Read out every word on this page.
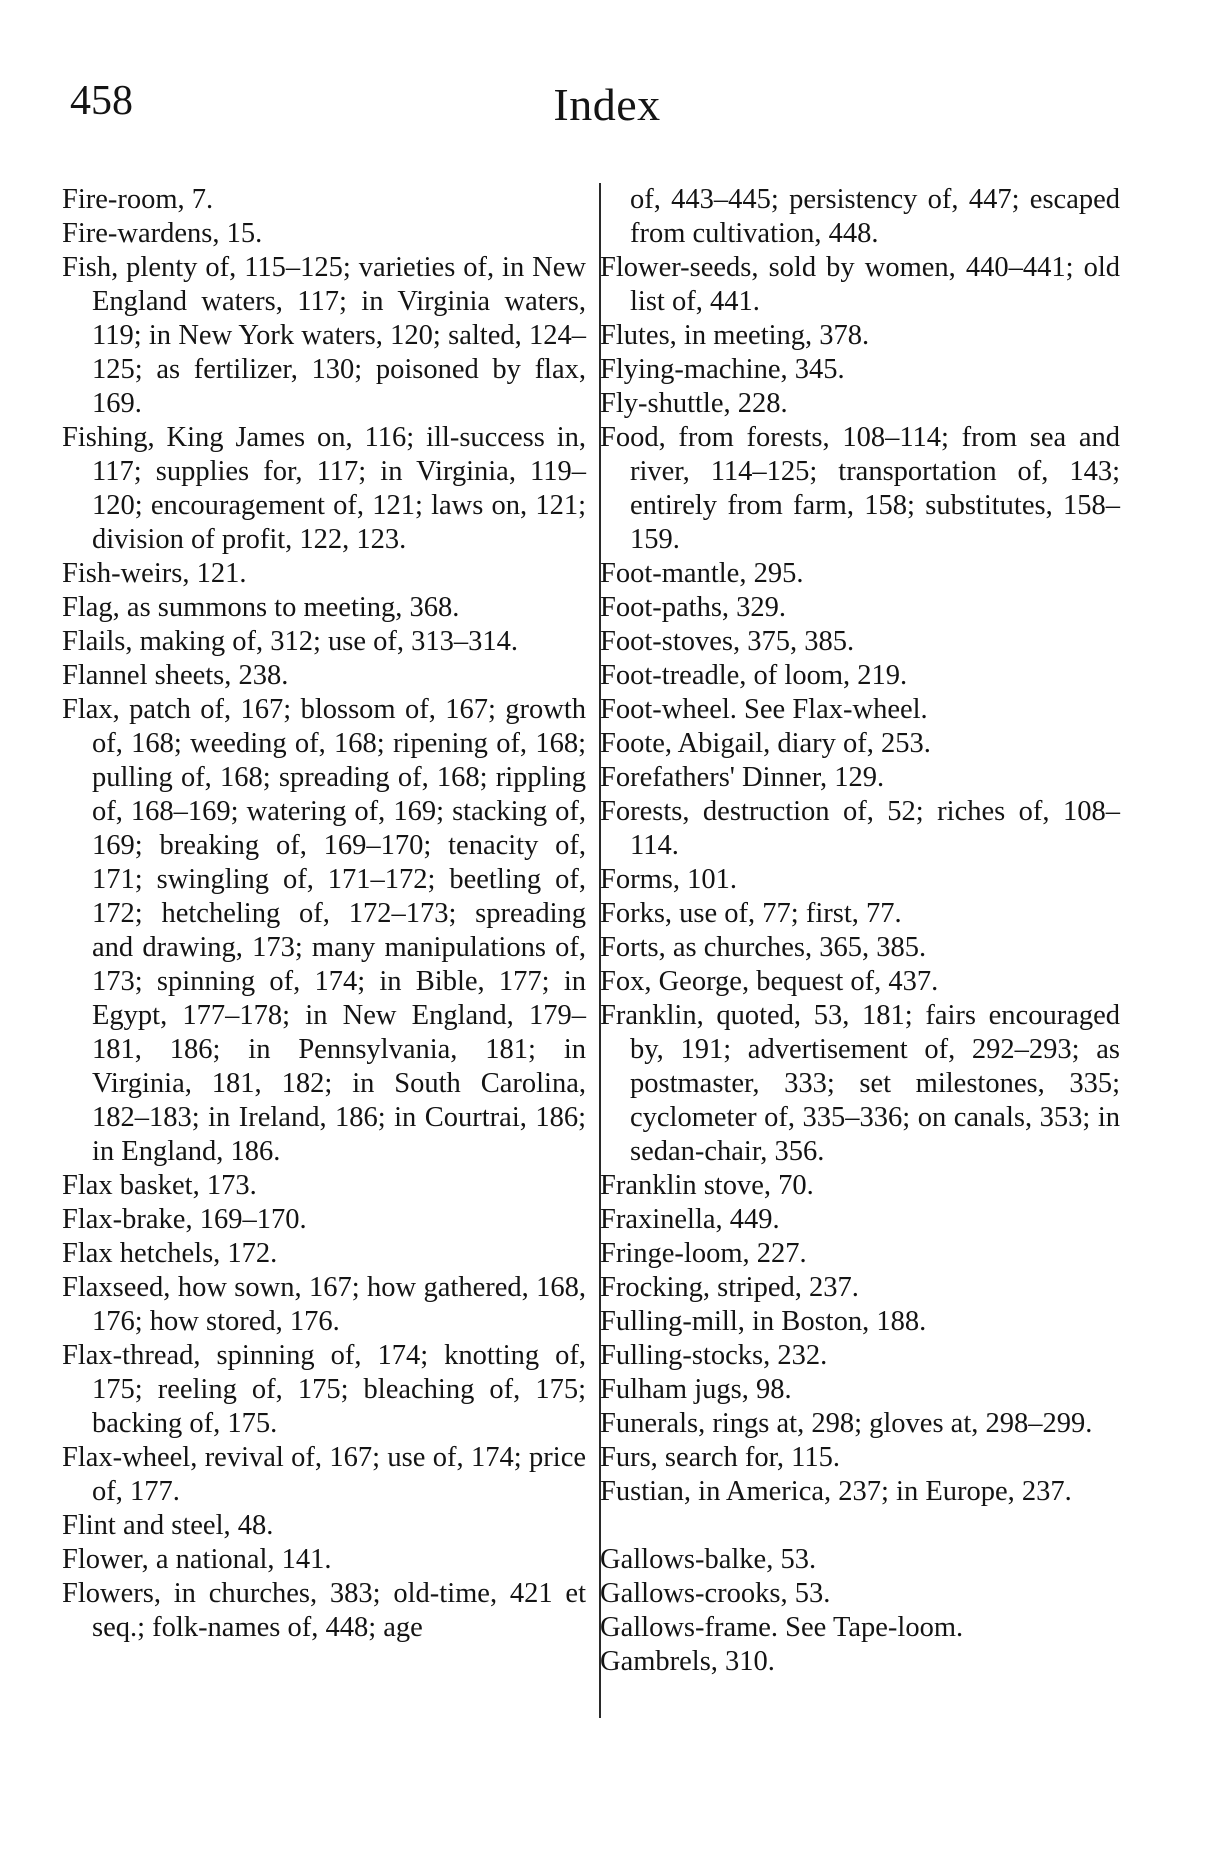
458	Index

Fire-room, 7.

Fire-wardens, 15.

Fish, plenty of, 115–125; varieties of, in New England waters, 117; in Virginia waters, 119; in New York waters, 120; salted, 124–125; as fertilizer, 130; poisoned by flax, 169.

Fishing, King James on, 116; ill-success in, 117; supplies for, 117; in Virginia, 119–120; encouragement of, 121; laws on, 121; division of profit, 122, 123.

Fish-weirs, 121.

Flag, as summons to meeting, 368.

Flails, making of, 312; use of, 313–314.

Flannel sheets, 238.

Flax, patch of, 167; blossom of, 167; growth of, 168; weeding of, 168; ripening of, 168; pulling of, 168; spreading of, 168; rippling of, 168–169; watering of, 169; stacking of, 169; breaking of, 169–170; tenacity of, 171; swingling of, 171–172; beetling of, 172; hetcheling of, 172–173; spreading and drawing, 173; many manipulations of, 173; spinning of, 174; in Bible, 177; in Egypt, 177–178; in New England, 179–181, 186; in Pennsylvania, 181; in Virginia, 181, 182; in South Carolina, 182–183; in Ireland, 186; in Courtrai, 186; in England, 186.

Flax basket, 173.

Flax-brake, 169–170.

Flax hetchels, 172.

Flaxseed, how sown, 167; how gathered, 168, 176; how stored, 176.

Flax-thread, spinning of, 174; knotting of, 175; reeling of, 175; bleaching of, 175; backing of, 175.

Flax-wheel, revival of, 167; use of, 174; price of, 177.

Flint and steel, 48.

Flower, a national, 141.

Flowers, in churches, 383; old-time, 421 et seq.; folk-names of, 448; age

of, 443–445; persistency of, 447; escaped from cultivation, 448.

Flower-seeds, sold by women, 440–441; old list of, 441.

Flutes, in meeting, 378.

Flying-machine, 345.

Fly-shuttle, 228.

Food, from forests, 108–114; from sea and river, 114–125; transportation of, 143; entirely from farm, 158; substitutes, 158–159.

Foot-mantle, 295.

Foot-paths, 329.

Foot-stoves, 375, 385.

Foot-treadle, of loom, 219.

Foot-wheel. See Flax-wheel.

Foote, Abigail, diary of, 253.

Forefathers' Dinner, 129.

Forests, destruction of, 52; riches of, 108–114.

Forms, 101.

Forks, use of, 77; first, 77.

Forts, as churches, 365, 385.

Fox, George, bequest of, 437.

Franklin, quoted, 53, 181; fairs encouraged by, 191; advertisement of, 292–293; as postmaster, 333; set milestones, 335; cyclometer of, 335–336; on canals, 353; in sedan-chair, 356.

Franklin stove, 70.

Fraxinella, 449.

Fringe-loom, 227.

Frocking, striped, 237.

Fulling-mill, in Boston, 188.

Fulling-stocks, 232.

Fulham jugs, 98.

Funerals, rings at, 298; gloves at, 298–299.

Furs, search for, 115.

Fustian, in America, 237; in Europe, 237.

Gallows-balke, 53.

Gallows-crooks, 53.

Gallows-frame. See Tape-loom.

Gambrels, 310.
